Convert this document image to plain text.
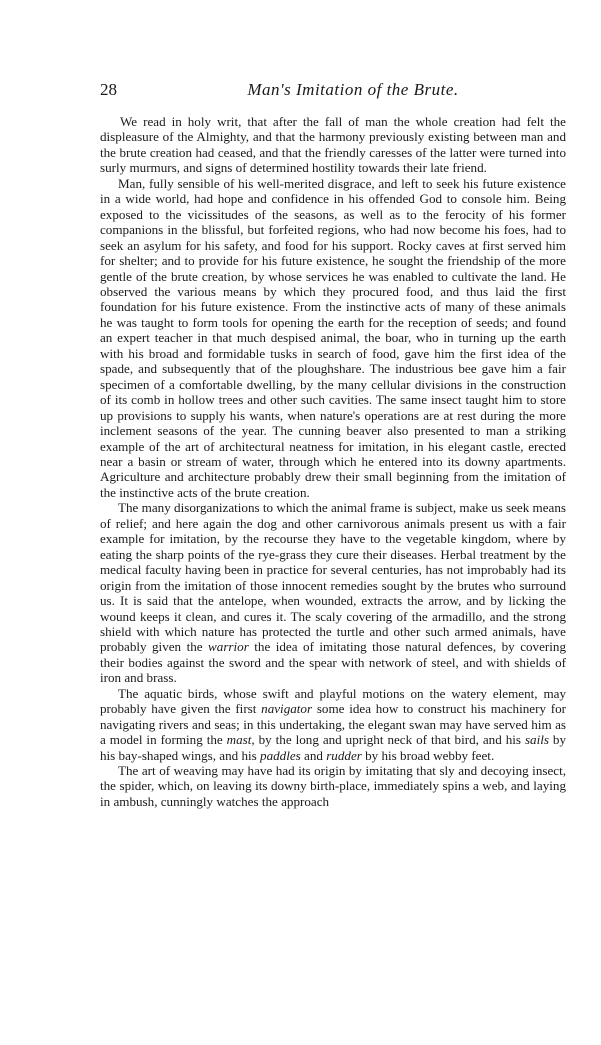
28	Man's Imitation of the Brute.

We read in holy writ, that after the fall of man the whole creation had felt the displeasure of the Almighty, and that the harmony previously existing between man and the brute creation had ceased, and that the friendly caresses of the latter were turned into surly murmurs, and signs of determined hostility towards their late friend.

Man, fully sensible of his well-merited disgrace, and left to seek his future existence in a wide world, had hope and confidence in his offended God to console him. Being exposed to the vicissitudes of the seasons, as well as to the ferocity of his former companions in the blissful, but forfeited regions, who had now become his foes, had to seek an asylum for his safety, and food for his support. Rocky caves at first served him for shelter; and to provide for his future existence, he sought the friendship of the more gentle of the brute creation, by whose services he was enabled to cultivate the land. He observed the various means by which they procured food, and thus laid the first foundation for his future existence. From the instinctive acts of many of these animals he was taught to form tools for opening the earth for the reception of seeds; and found an expert teacher in that much despised animal, the boar, who in turning up the earth with his broad and formidable tusks in search of food, gave him the first idea of the spade, and subsequently that of the ploughshare. The industrious bee gave him a fair specimen of a comfortable dwelling, by the many cellular divisions in the construction of its comb in hollow trees and other such cavities. The same insect taught him to store up provisions to supply his wants, when nature's operations are at rest during the more inclement seasons of the year. The cunning beaver also presented to man a striking example of the art of architectural neatness for imitation, in his elegant castle, erected near a basin or stream of water, through which he entered into its downy apartments. Agriculture and architecture probably drew their small beginning from the imitation of the instinctive acts of the brute creation.

The many disorganizations to which the animal frame is subject, make us seek means of relief; and here again the dog and other carnivorous animals present us with a fair example for imitation, by the recourse they have to the vegetable kingdom, where by eating the sharp points of the rye-grass they cure their diseases. Herbal treatment by the medical faculty having been in practice for several centuries, has not improbably had its origin from the imitation of those innocent remedies sought by the brutes who surround us. It is said that the antelope, when wounded, extracts the arrow, and by licking the wound keeps it clean, and cures it. The scaly covering of the armadillo, and the strong shield with which nature has protected the turtle and other such armed animals, have probably given the warrior the idea of imitating those natural defences, by covering their bodies against the sword and the spear with network of steel, and with shields of iron and brass.

The aquatic birds, whose swift and playful motions on the watery element, may probably have given the first navigator some idea how to construct his machinery for navigating rivers and seas; in this undertaking, the elegant swan may have served him as a model in forming the mast, by the long and upright neck of that bird, and his sails by his bay-shaped wings, and his paddles and rudder by his broad webby feet.

The art of weaving may have had its origin by imitating that sly and decoying insect, the spider, which, on leaving its downy birth-place, immediately spins a web, and laying in ambush, cunningly watches the approach
